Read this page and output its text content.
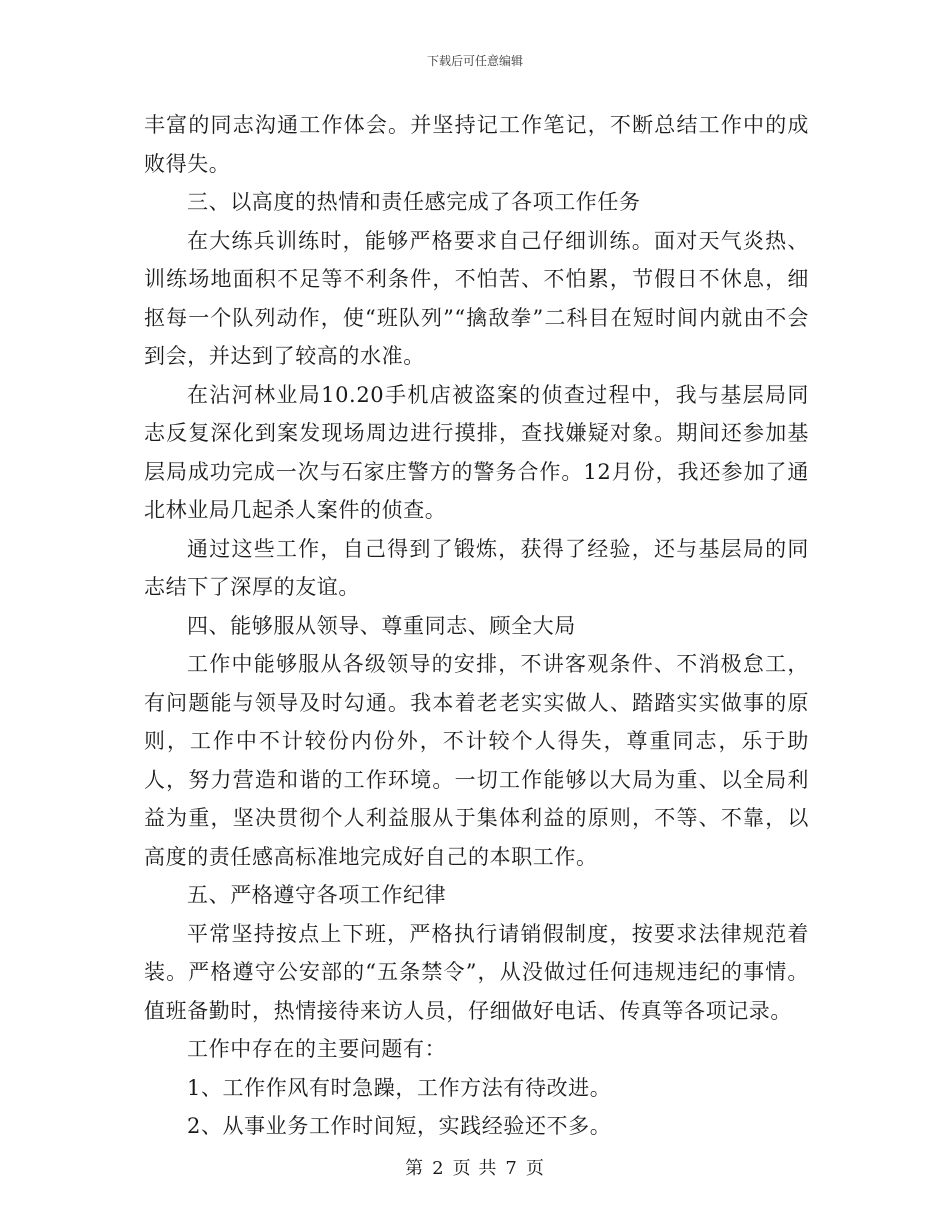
下载后可任意编辑

丰富的同志沟通工作体会。并坚持记工作笔记，不断总结工作中的成败得失。

三、以高度的热情和责任感完成了各项工作任务

在大练兵训练时，能够严格要求自己仔细训练。面对天气炎热、训练场地面积不足等不利条件，不怕苦、不怕累，节假日不休息，细抠每一个队列动作，使“班队列”“擒敌拳”二科目在短时间内就由不会到会，并达到了较高的水准。

在沾河林业局10.20手机店被盗案的侦查过程中，我与基层局同志反复深化到案发现场周边进行摸排，查找嫌疑对象。期间还参加基层局成功完成一次与石家庄警方的警务合作。12月份，我还参加了通北林业局几起杀人案件的侦查。

通过这些工作，自己得到了锻炼，获得了经验，还与基层局的同志结下了深厚的友谊。

四、能够服从领导、尊重同志、顾全大局

工作中能够服从各级领导的安排，不讲客观条件、不消极怠工，有问题能与领导及时勾通。我本着老老实实做人、踏踏实实做事的原则，工作中不计较份内份外，不计较个人得失，尊重同志，乐于助人，努力营造和谐的工作环境。一切工作能够以大局为重、以全局利益为重，坚决贯彻个人利益服从于集体利益的原则，不等、不靠，以高度的责任感高标准地完成好自己的本职工作。

五、严格遵守各项工作纪律

平常坚持按点上下班，严格执行请销假制度，按要求法律规范着装。严格遵守公安部的“五条禁令”，从没做过任何违规违纪的事情。值班备勤时，热情接待来访人员，仔细做好电话、传真等各项记录。

工作中存在的主要问题有：

1、工作作风有时急躁，工作方法有待改进。

2、从事业务工作时间短，实践经验还不多。

第 2 页 共 7 页
